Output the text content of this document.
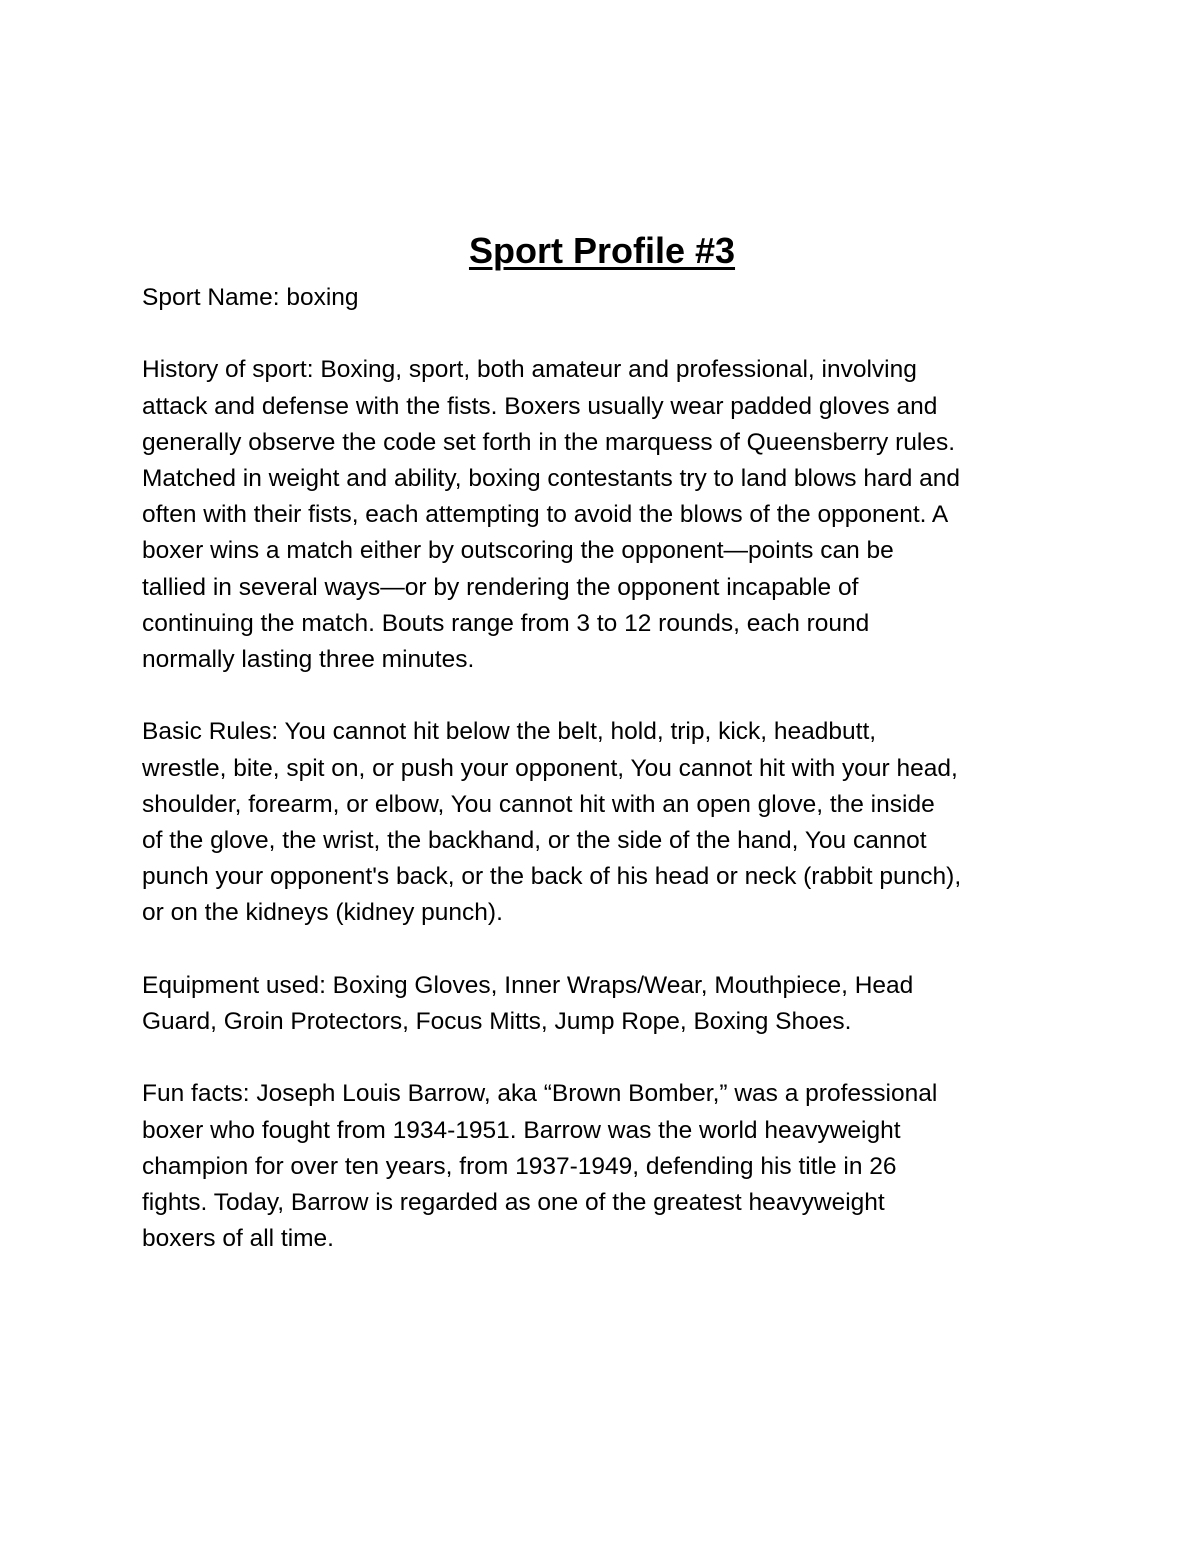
Sport Profile #3

Sport Name: boxing

History of sport: Boxing, sport, both amateur and professional, involving
attack and defense with the fists. Boxers usually wear padded gloves and
generally observe the code set forth in the marquess of Queensberry rules.
Matched in weight and ability, boxing contestants try to land blows hard and
often with their fists, each attempting to avoid the blows of the opponent. A
boxer wins a match either by outscoring the opponent—points can be
tallied in several ways—or by rendering the opponent incapable of
continuing the match. Bouts range from 3 to 12 rounds, each round
normally lasting three minutes.

Basic Rules: You cannot hit below the belt, hold, trip, kick, headbutt,
wrestle, bite, spit on, or push your opponent, You cannot hit with your head,
shoulder, forearm, or elbow, You cannot hit with an open glove, the inside
of the glove, the wrist, the backhand, or the side of the hand, You cannot
punch your opponent's back, or the back of his head or neck (rabbit punch),
or on the kidneys (kidney punch).

Equipment used: Boxing Gloves, Inner Wraps/Wear, Mouthpiece, Head
Guard, Groin Protectors, Focus Mitts, Jump Rope, Boxing Shoes.

Fun facts: Joseph Louis Barrow, aka “Brown Bomber,” was a professional
boxer who fought from 1934-1951. Barrow was the world heavyweight
champion for over ten years, from 1937-1949, defending his title in 26
fights. Today, Barrow is regarded as one of the greatest heavyweight
boxers of all time.
